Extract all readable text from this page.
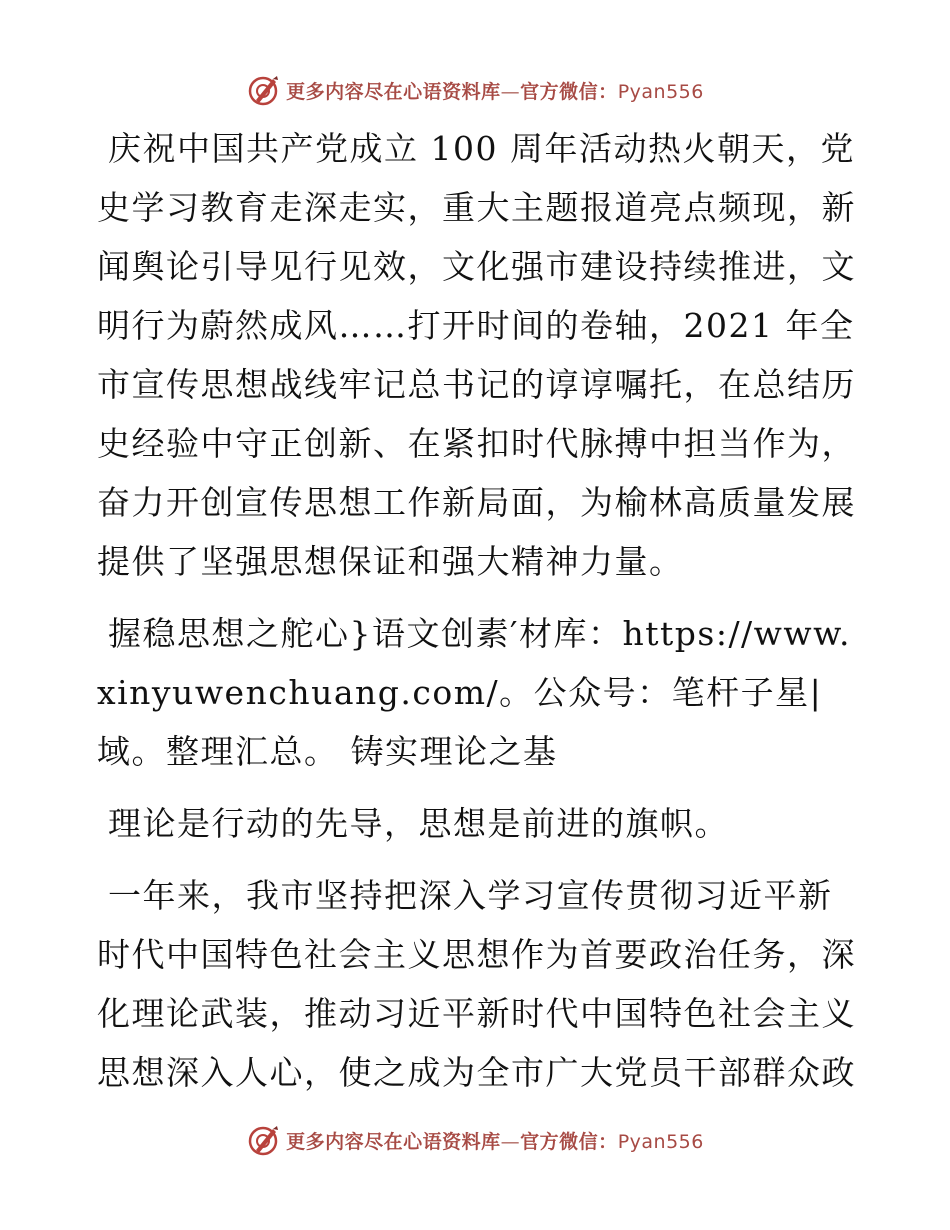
更多内容尽在心语资料库—官方微信：Pyan556

庆祝中国共产党成立 100 周年活动热火朝天，党史学习教育走深走实，重大主题报道亮点频现，新闻舆论引导见行见效，文化强市建设持续推进，文明行为蔚然成风……打开时间的卷轴，2021 年全市宣传思想战线牢记总书记的谆谆嘱托，在总结历史经验中守正创新、在紧扣时代脉搏中担当作为，奋力开创宣传思想工作新局面，为榆林高质量发展提供了坚强思想保证和强大精神力量。

握稳思想之舵心}语文创素′材库：https://www.xinyuwenchuang.com/。公众号：笔杆子星|域。整理汇总。 铸实理论之基

理论是行动的先导，思想是前进的旗帜。

一年来，我市坚持把深入学习宣传贯彻习近平新时代中国特色社会主义思想作为首要政治任务，深化理论武装，推动习近平新时代中国特色社会主义思想深入人心，使之成为全市广大党员干部群众政

更多内容尽在心语资料库—官方微信：Pyan556
